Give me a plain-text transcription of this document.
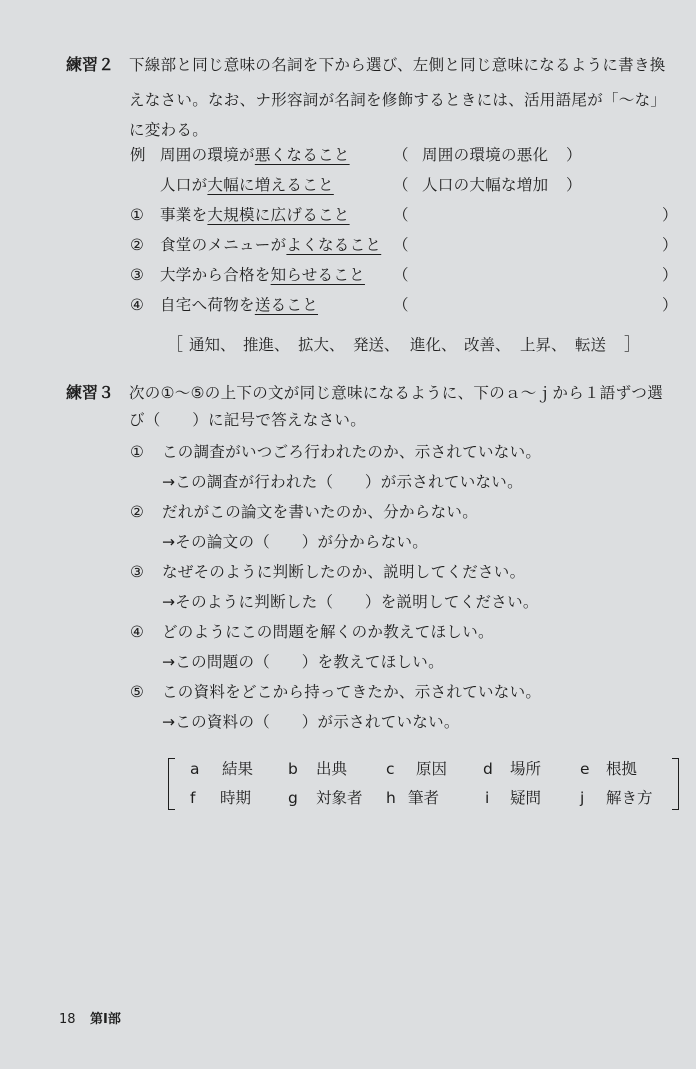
練習２ 下線部と同じ意味の名詞を下から選び、左側と同じ意味になるように書き換
えなさい。なお、ナ形容詞が名詞を修飾するときには、活用語尾が「〜な」
に変わる。
例 周囲の環境が悪くなること	（ 周囲の環境の悪化 ）
人口が大幅に増えること	（ 人口の大幅な増加 ）
① 事業を大規模に広げること	（	）
② 食堂のメニューがよくなること （	）
③ 大学から合格を知らせること （	）
④ 自宅へ荷物を送ること	（	）
［ 通知、 推進、 拡大、 発送、 進化、 改善、 上昇、 転送 ］
練習３ 次の①〜⑤の上下の文が同じ意味になるように、下のａ〜ｊから１語ずつ選
び（　　）に記号で答えなさい。
① この調査がいつごろ行われたのか、示されていない。
→この調査が行われた（　　）が示されていない。
② だれがこの論文を書いたのか、分からない。
→その論文の（　　）が分からない。
③ なぜそのように判断したのか、説明してください。
→そのように判断した（　　）を説明してください。
④ どのようにこの問題を解くのか教えてほしい。
→この問題の（　　）を教えてほしい。
⑤ この資料をどこから持ってきたか、示されていない。
→この資料の（　　）が示されていない。
a 結果 b 出典	c 原因 d 場所	e 根拠
f 時期 g 対象者 h 筆者	i 疑問	j 解き方
18 第Ⅰ部
